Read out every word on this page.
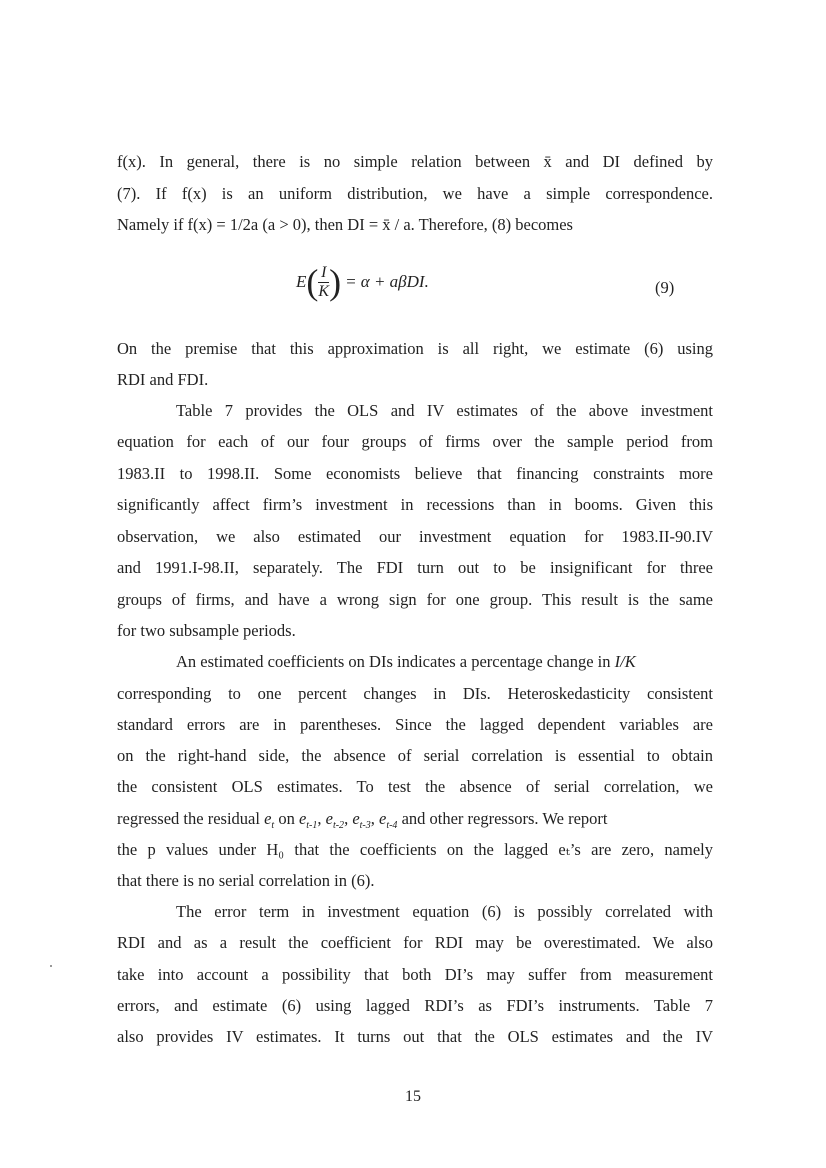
f(x). In general, there is no simple relation between x̄ and DI defined by
(7). If f(x) is an uniform distribution, we have a simple correspondence.
Namely if f(x) = 1/2a (a > 0), then DI = x̄ / a. Therefore, (8) becomes
$E( \frac{I}{K}$ ) = α + aβDI.	(9)
On the premise that this approximation is all right, we estimate (6) using
RDI and FDI.
Table 7 provides the OLS and IV estimates of the above investment
equation for each of our four groups of firms over the sample period from
1983.II to 1998.II. Some economists believe that financing constraints more
significantly affect firm’s investment in recessions than in booms. Given this
observation, we also estimated our investment equation for 1983.II-90.IV
and 1991.I-98.II, separately. The FDI turn out to be insignificant for three
groups of firms, and have a wrong sign for one group. This result is the same
for two subsample periods.
An estimated coefficients on DIs indicates a percentage change in I/K
corresponding to one percent changes in DIs. Heteroskedasticity consistent
standard errors are in parentheses. Since the lagged dependent variables are
on the right-hand side, the absence of serial correlation is essential to obtain
the consistent OLS estimates. To test the absence of serial correlation, we
regressed the residual $e_t$ on $e_{t-1}$, $e_{t-2}$, $e_{t-3}$, $e_{t-4}$ and other regressors. We report
the p values under H₀ that the coefficients on the lagged eₜ’s are zero, namely
that there is no serial correlation in (6).
The error term in investment equation (6) is possibly correlated with
RDI and as a result the coefficient for RDI may be overestimated. We also
take into account a possibility that both DI’s may suffer from measurement
errors, and estimate (6) using lagged RDI’s as FDI’s instruments. Table 7
also provides IV estimates. It turns out that the OLS estimates and the IV
15
